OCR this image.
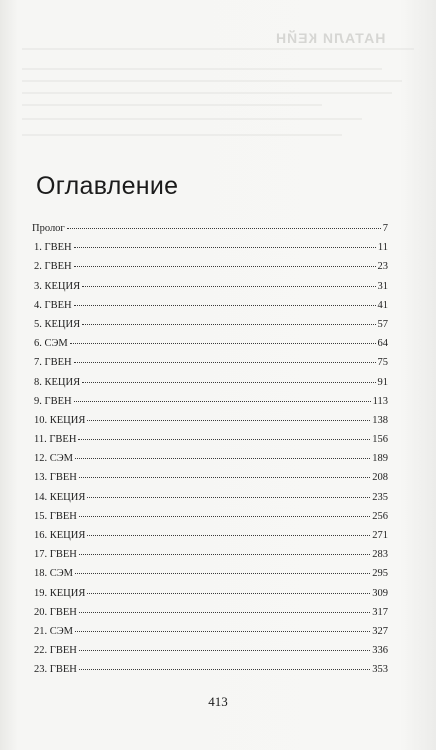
НАТАЛИ КЕЙН
Оглавление
Пролог	7
1. ГВЕН	11
2. ГВЕН	23
3. КЕЦИЯ	31
4. ГВЕН	41
5. КЕЦИЯ	57
6. СЭМ	64
7. ГВЕН	75
8. КЕЦИЯ	91
9. ГВЕН	113
10. КЕЦИЯ	138
11. ГВЕН	156
12. СЭМ	189
13. ГВЕН	208
14. КЕЦИЯ	235
15. ГВЕН	256
16. КЕЦИЯ	271
17. ГВЕН	283
18. СЭМ	295
19. КЕЦИЯ	309
20. ГВЕН	317
21. СЭМ	327
22. ГВЕН	336
23. ГВЕН	353
413
